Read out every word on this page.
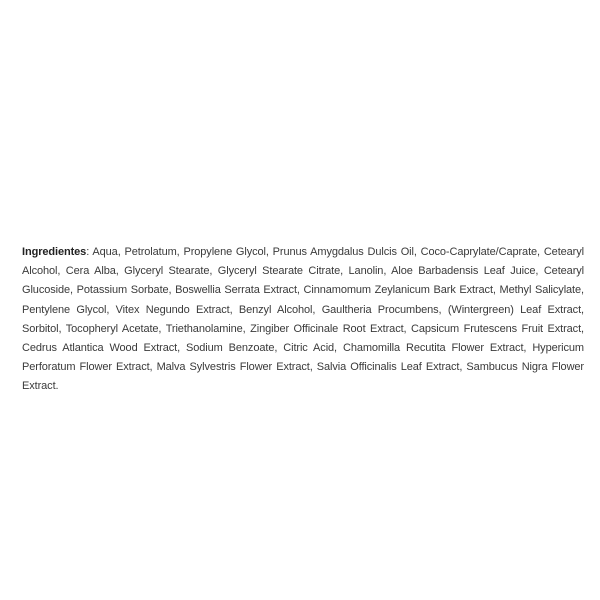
Ingredientes: Aqua, Petrolatum, Propylene Glycol, Prunus Amygdalus Dulcis Oil, Coco-Caprylate/Caprate, Cetearyl Alcohol, Cera Alba, Glyceryl Stearate, Glyceryl Stearate Citrate, Lanolin, Aloe Barbadensis Leaf Juice, Cetearyl Glucoside, Potassium Sorbate, Boswellia Serrata Extract, Cinnamomum Zeylanicum Bark Extract, Methyl Salicylate, Pentylene Glycol, Vitex Negundo Extract, Benzyl Alcohol, Gaultheria Procumbens, (Wintergreen) Leaf Extract, Sorbitol, Tocopheryl Acetate, Triethanolamine, Zingiber Officinale Root Extract, Capsicum Frutescens Fruit Extract, Cedrus Atlantica Wood Extract, Sodium Benzoate, Citric Acid, Chamomilla Recutita Flower Extract, Hypericum Perforatum Flower Extract, Malva Sylvestris Flower Extract, Salvia Officinalis Leaf Extract, Sambucus Nigra Flower Extract.
